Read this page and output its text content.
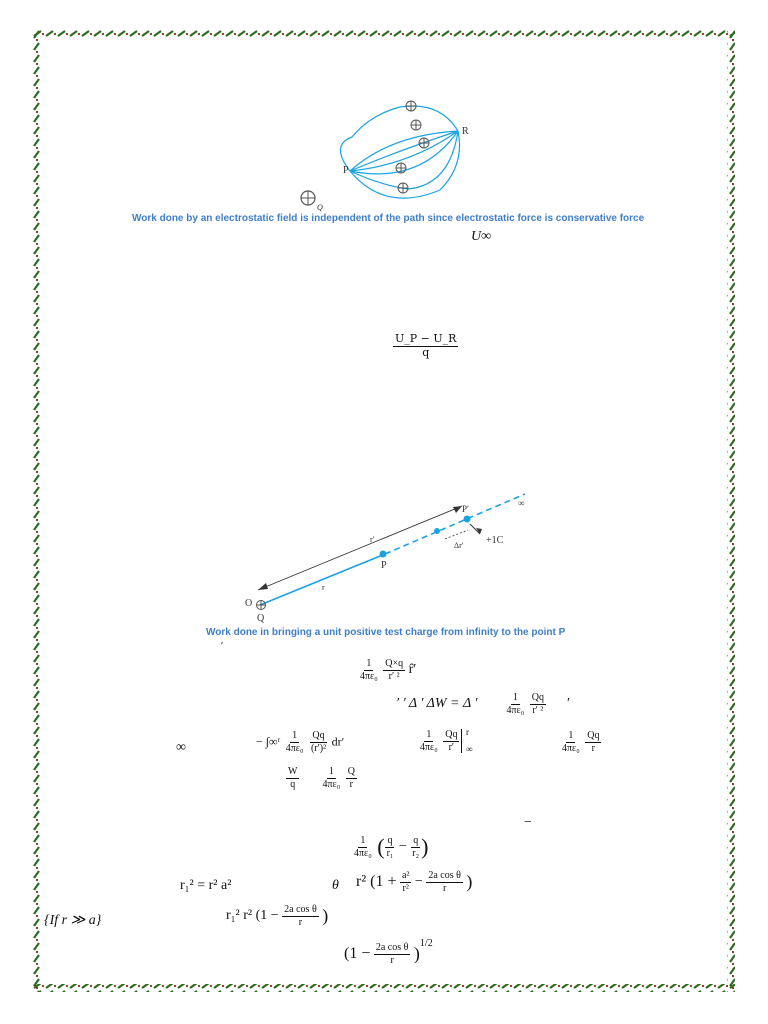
P
R
Q
Work done by an electrostatic field is independent of the path since electrostatic force is conservative force
U∞
$\frac{U\_P - U\_R}{q}$
O
Q
P
r
r′
P′
Δr′ +1C
∞
Work done in bringing a unit positive test charge from infinity to the point P
′
$\frac{1}{\text{4πε₀}}$
$\frac{Q\times q}{\text{r′ ²}}$ r̂′
′ ′ Δ ′ ΔW = Δ ′	$\frac{1}{\text{4πε₀}}$
$\frac{Qq}{\text{r′ ²}}$ ′
∞	− ∫∞ʳ $\frac{1}{\text{4πε₀}}$
$\frac{Qq}{\text{(r′)²}} dr'$	$\frac{1}{\text{4πε₀}}$
$\frac{Qq}{r'}$
r
∞	$\frac{1}{\text{4πε₀}}$
$\frac{Qq}{r}$
$\frac{W}{q}$
$\frac{1}{\text{4πε₀}}$
$\frac{Q}{r}$
−
$\frac{1}{\text{4πε₀}}$ ( $\frac{q}{\text{r₁}} - \frac{q}{\text{r₂}}$ )
r₁² = r² a²	θ r² ($1 + \frac{\text{a²}}{\text{r²}} - \frac{\text{2a cos θ}}{r}$ )
{If r ≫ a}	r₁² r² ($1 - \frac{\text{2a cos θ}}{r}$ )
$(1 - \frac{\text{2a cos θ}}{r} )^{1/2}$
